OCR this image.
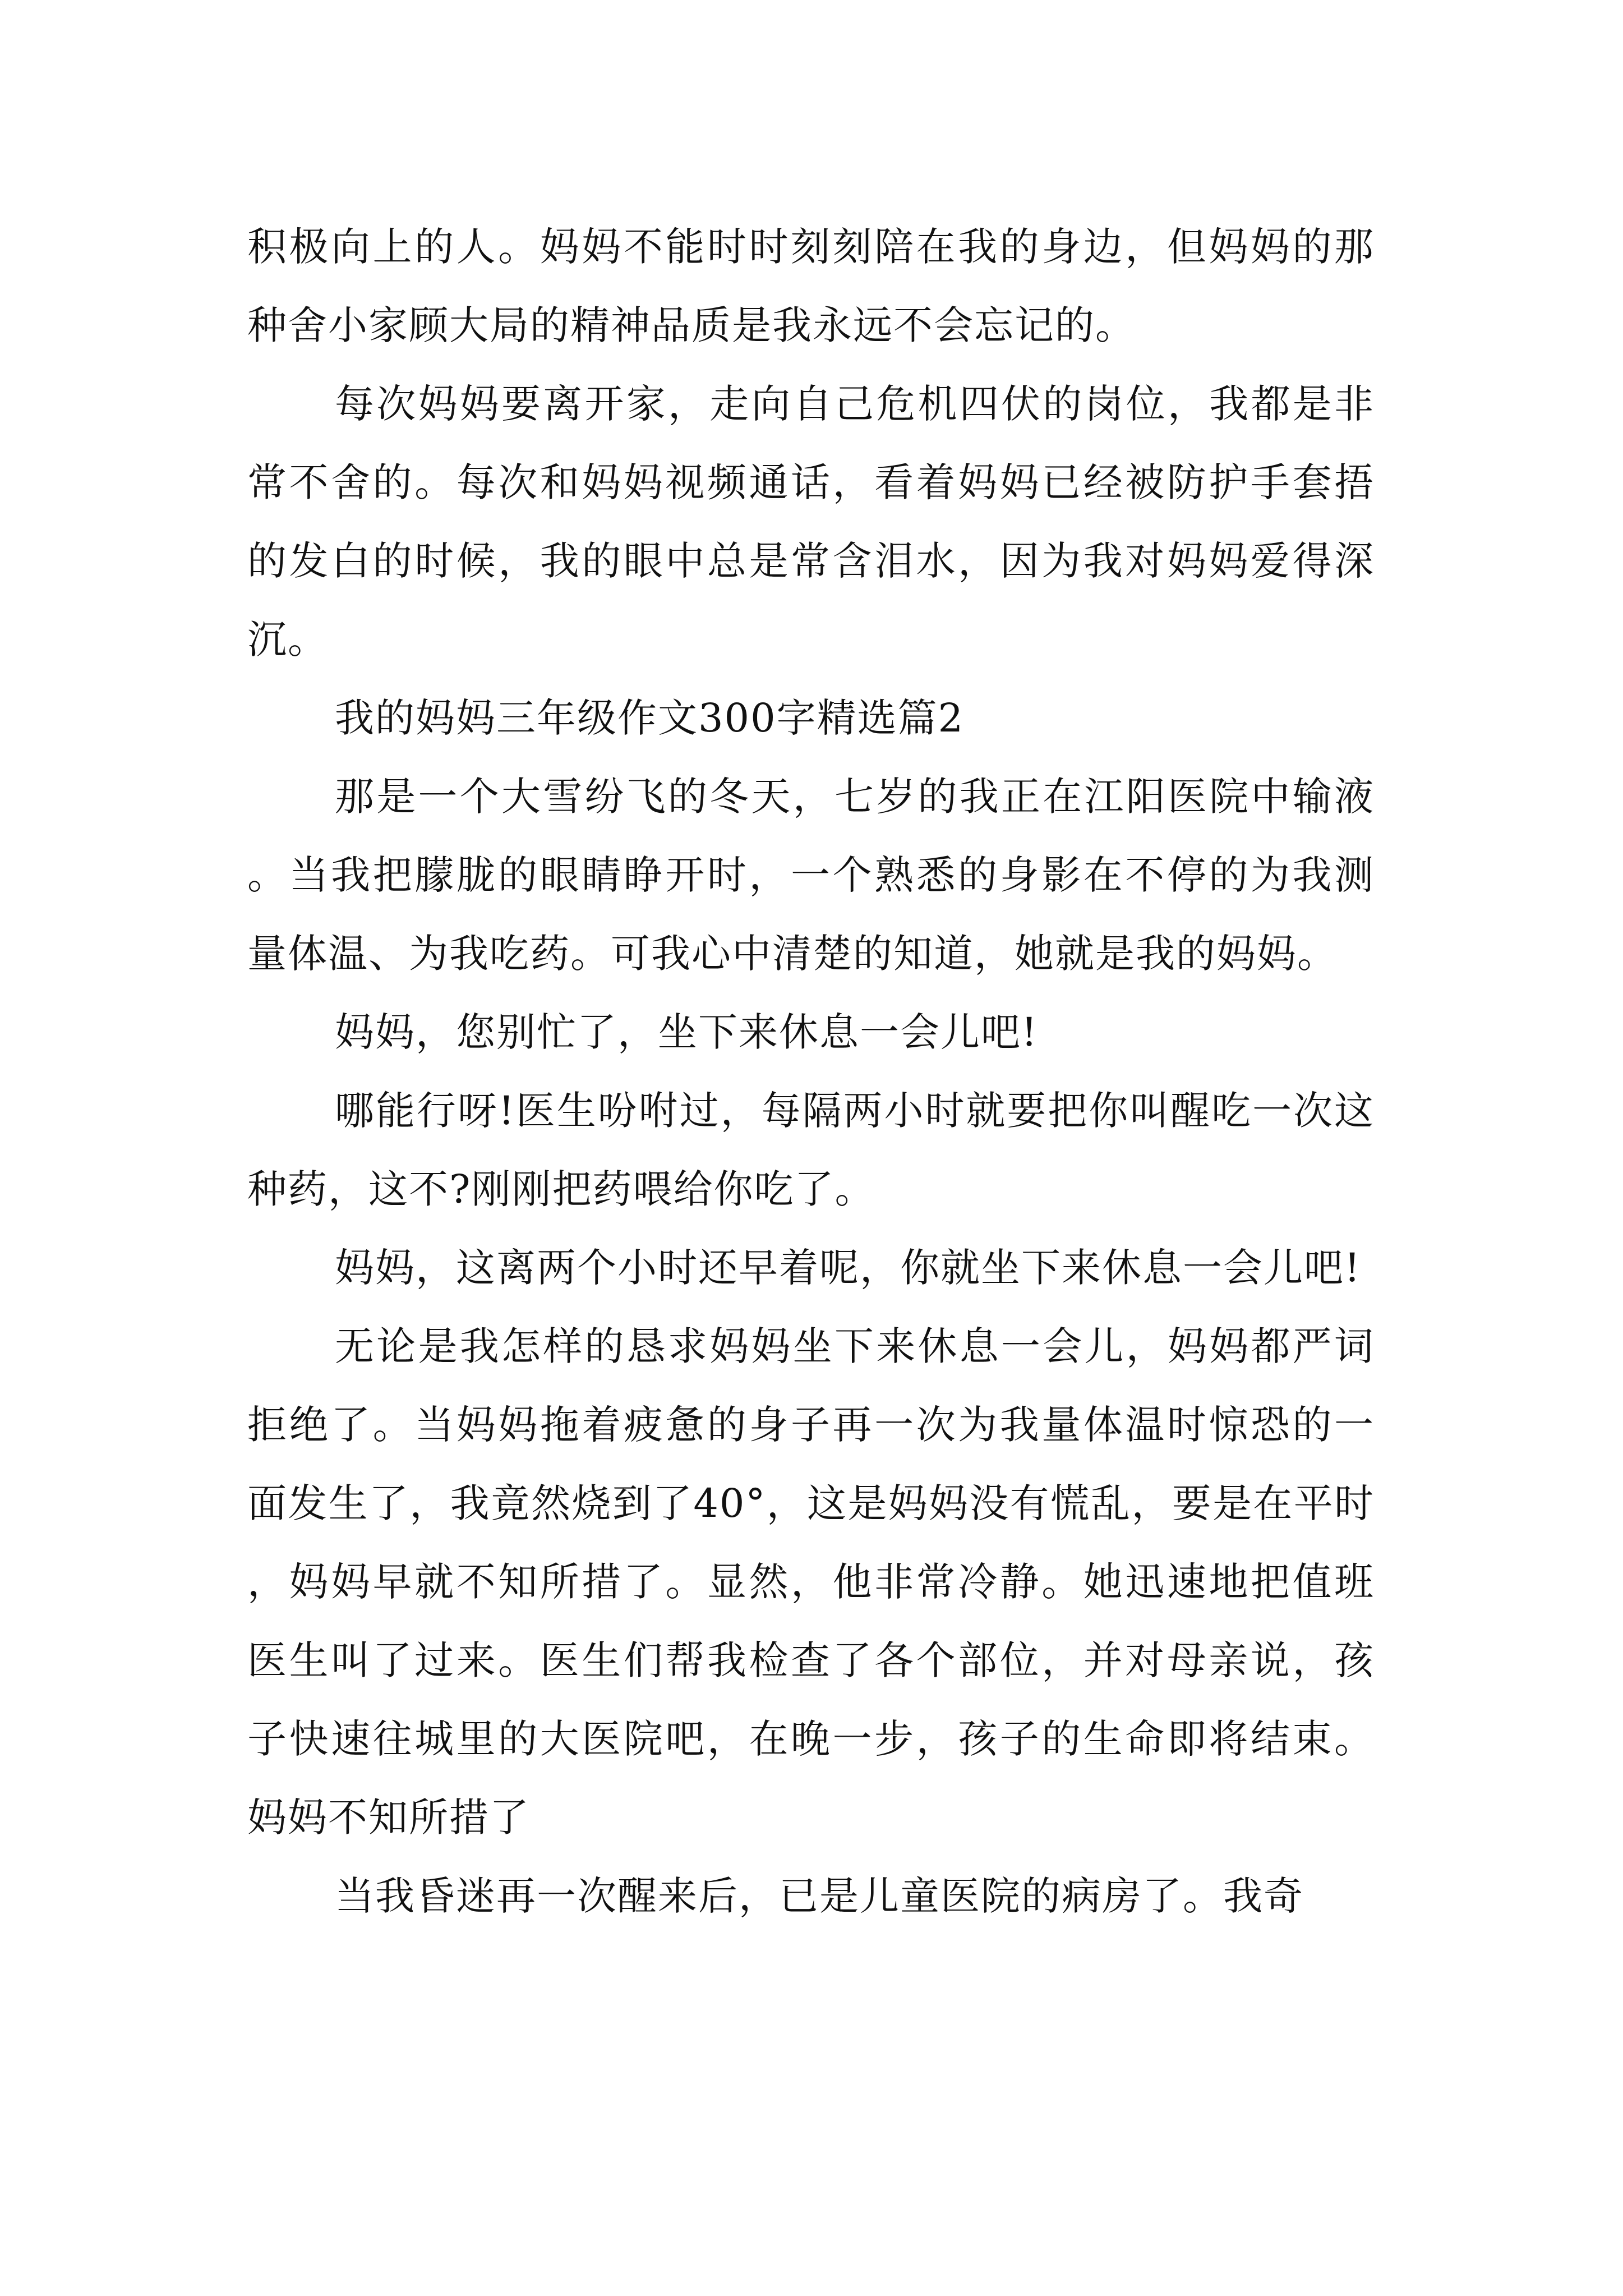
积极向上的人。妈妈不能时时刻刻陪在我的身边，但妈妈的那种舍小家顾大局的精神品质是我永远不会忘记的。

每次妈妈要离开家，走向自己危机四伏的岗位，我都是非常不舍的。每次和妈妈视频通话，看着妈妈已经被防护手套捂的发白的时候，我的眼中总是常含泪水，因为我对妈妈爱得深沉。

我的妈妈三年级作文300字精选篇2

那是一个大雪纷飞的冬天，七岁的我正在江阳医院中输液。当我把朦胧的眼睛睁开时，一个熟悉的身影在不停的为我测量体温、为我吃药。可我心中清楚的知道，她就是我的妈妈。

妈妈，您别忙了，坐下来休息一会儿吧!

哪能行呀!医生吩咐过，每隔两小时就要把你叫醒吃一次这种药，这不?刚刚把药喂给你吃了。

妈妈，这离两个小时还早着呢，你就坐下来休息一会儿吧!

无论是我怎样的恳求妈妈坐下来休息一会儿，妈妈都严词拒绝了。当妈妈拖着疲惫的身子再一次为我量体温时惊恐的一面发生了，我竟然烧到了40°，这是妈妈没有慌乱，要是在平时，妈妈早就不知所措了。显然，他非常冷静。她迅速地把值班医生叫了过来。医生们帮我检查了各个部位，并对母亲说，孩子快速往城里的大医院吧，在晚一步，孩子的生命即将结束。妈妈不知所措了

当我昏迷再一次醒来后，已是儿童医院的病房了。我奇
